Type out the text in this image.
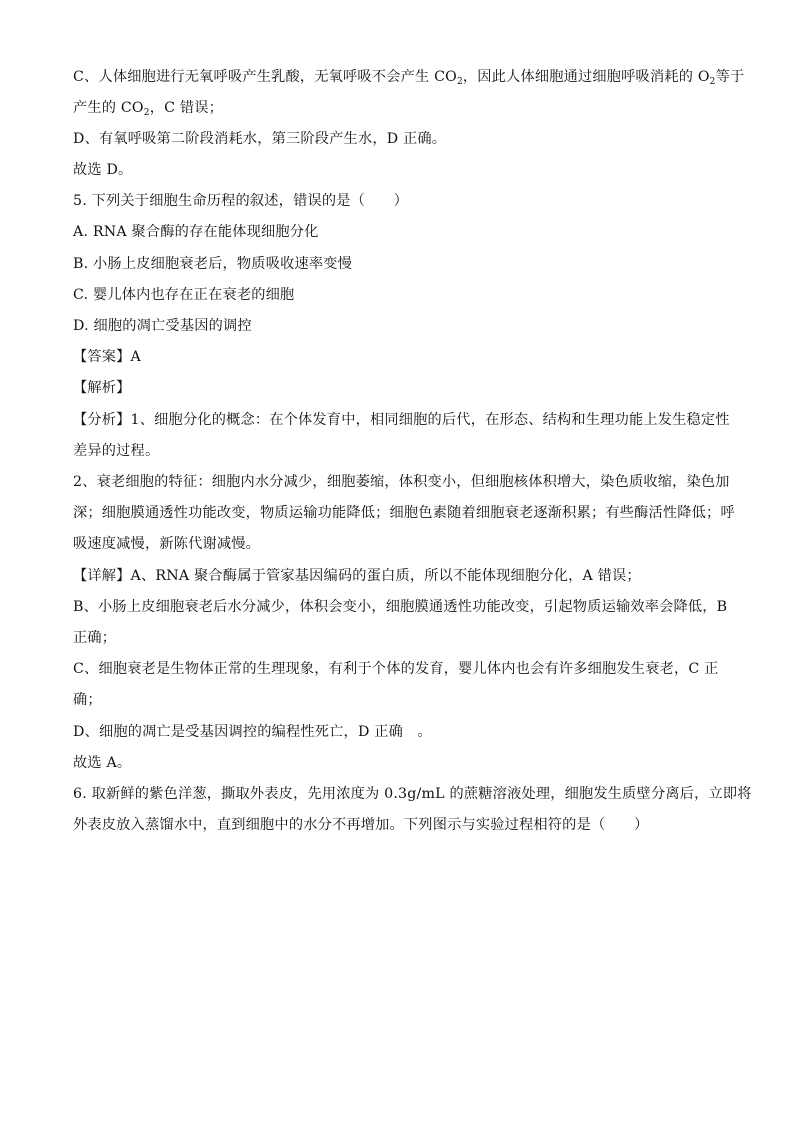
C、人体细胞进行无氧呼吸产生乳酸，无氧呼吸不会产生 $CO_2$，因此人体细胞通过细胞呼吸消耗的 $O_2$等于
产生的 $CO_2$，C 错误；
D、有氧呼吸第二阶段消耗水，第三阶段产生水，D 正确。
故选 D。
5. 下列关于细胞生命历程的叙述，错误的是（　　）
A. RNA 聚合酶的存在能体现细胞分化
B. 小肠上皮细胞衰老后，物质吸收速率变慢
C. 婴儿体内也存在正在衰老的细胞
D. 细胞的凋亡受基因的调控
【答案】A
【解析】
【分析】1、细胞分化的概念：在个体发育中，相同细胞的后代，在形态、结构和生理功能上发生稳定性
差异的过程。
2、衰老细胞的特征：细胞内水分减少，细胞萎缩，体积变小，但细胞核体积增大，染色质收缩，染色加
深；细胞膜通透性功能改变，物质运输功能降低；细胞色素随着细胞衰老逐渐积累；有些酶活性降低；呼
吸速度减慢，新陈代谢减慢。
【详解】A、RNA 聚合酶属于管家基因编码的蛋白质，所以不能体现细胞分化，A 错误；
B、小肠上皮细胞衰老后水分减少，体积会变小，细胞膜通透性功能改变，引起物质运输效率会降低，B
正确；
C、细胞衰老是生物体正常的生理现象，有利于个体的发育，婴儿体内也会有许多细胞发生衰老，C 正
确；
D、细胞的凋亡是受基因调控的编程性死亡，D 正确　。
故选 A。
6. 取新鲜的紫色洋葱，撕取外表皮，先用浓度为 0.3g/mL 的蔗糖溶液处理，细胞发生质壁分离后，立即将
外表皮放入蒸馏水中，直到细胞中的水分不再增加。下列图示与实验过程相符的是（　　）
